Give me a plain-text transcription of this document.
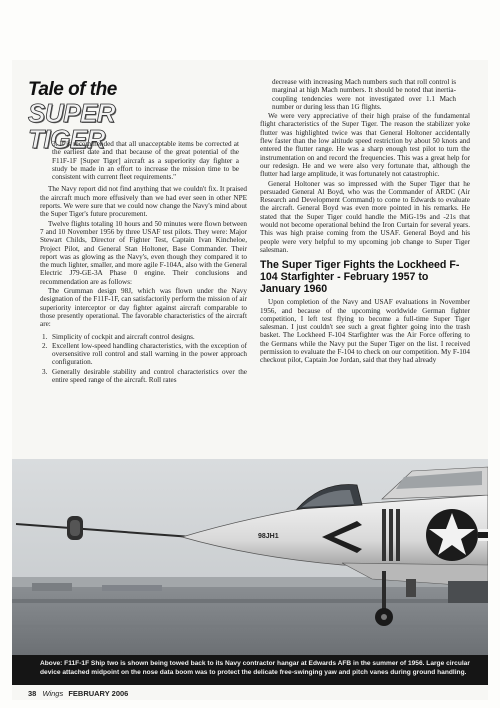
Tale of the
SUPER TIGER

3. It is recommended that all unacceptable items be corrected at the earliest date and that because of the great potential of the F11F-1F [Super Tiger] aircraft as a superiority day fighter a study be made in an effort to increase the mission time to be consistent with current fleet requirements."

The Navy report did not find anything that we couldn't fix. It praised the aircraft much more effusively than we had ever seen in other NPE reports. We were sure that we could now change the Navy's mind about the Super Tiger's future procurement.

Twelve flights totaling 10 hours and 50 minutes were flown between 7 and 10 November 1956 by three USAF test pilots. They were: Major Stewart Childs, Director of Fighter Test, Captain Ivan Kincheloe, Project Pilot, and General Stan Holtoner, Base Commander. Their report was as glowing as the Navy's, even though they compared it to the much lighter, smaller, and more agile F-104A, also with the General Electric J79-GE-3A Phase 0 engine. Their conclusions and recommendation are as follows:

The Grumman design 98J, which was flown under the Navy designation of the F11F-1F, can satisfactorily perform the mission of air superiority interceptor or day fighter against aircraft comparable to those presently operational. The favorable characteristics of the aircraft are:

1. Simplicity of cockpit and aircraft control designs.
2. Excellent low-speed handling characteristics, with the exception of oversensitive roll control and stall warning in the power approach configuration.
3. Generally desirable stability and control characteristics over the entire speed range of the aircraft. Roll rates

decrease with increasing Mach numbers such that roll control is marginal at high Mach numbers. It should be noted that inertia-coupling tendencies were not investigated over 1.1 Mach number or during less than 1G flights.

We were very appreciative of their high praise of the fundamental flight characteristics of the Super Tiger. The reason the stabilizer yoke flutter was highlighted twice was that General Holtoner accidentally flew faster than the low altitude speed restriction by about 50 knots and entered the flutter range. He was a sharp enough test pilot to turn the instrumentation on and record the frequencies. This was a great help for our redesign. He and we were also very fortunate that, although the flutter had large amplitude, it was fortunately not catastrophic.

General Holtoner was so impressed with the Super Tiger that he persuaded General Al Boyd, who was the Commander of ARDC (Air Research and Development Command) to come to Edwards to evaluate the aircraft. General Boyd was even more pointed in his remarks. He stated that the Super Tiger could handle the MiG-19s and -21s that would not become operational behind the Iron Curtain for several years. This was high praise coming from the USAF. General Boyd and his people were very helpful to my upcoming job change to Super Tiger salesman.

The Super Tiger Fights the Lockheed F-104 Starfighter - February 1957 to January 1960

Upon completion of the Navy and USAF evaluations in November 1956, and because of the upcoming worldwide German fighter competition, I left test flying to become a full-time Super Tiger salesman. I just couldn't see such a great fighter going into the trash basket. The Lockheed F-104 Starfighter was the Air Force offering to the Germans while the Navy put the Super Tiger on the list. I received permission to evaluate the F-104 to check on our competition. My F-104 checkout pilot, Captain Joe Jordan, said that they had already

98JH1
Above: F11F-1F Ship two is shown being towed back to its Navy contractor hangar at Edwards AFB in the summer of 1956. Large circular device attached midpoint on the nose data boom was to protect the delicate free-swinging yaw and pitch vanes during ground handling.
38 Wings FEBRUARY 2006
